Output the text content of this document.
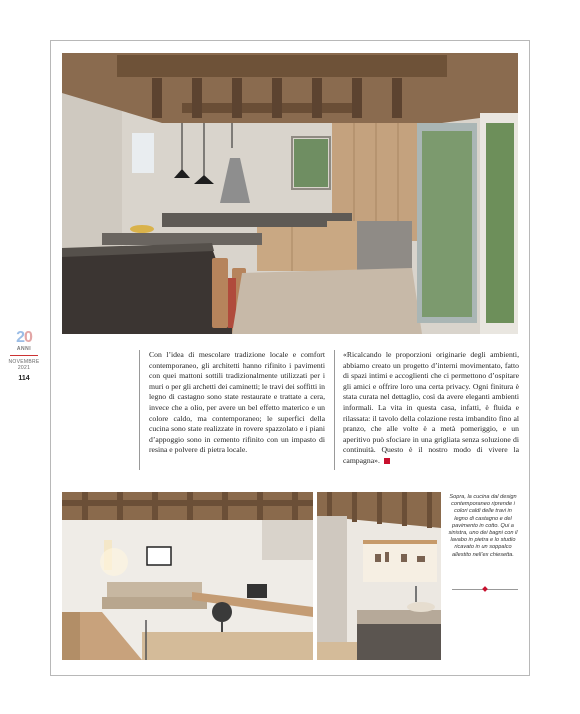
20
ANNI
NOVEMBRE
2021
114
Con l’idea di mescolare tradizione locale e comfort contemporaneo, gli architetti hanno rifinito i pavimenti con quei mattoni sottili tradizionalmente utilizzati per i muri o per gli archetti dei caminetti; le travi dei soffitti in legno di castagno sono state restaurate e trattate a cera, invece che a olio, per avere un bel effetto materico e un colore caldo, ma contemporaneo; le superfici della cucina sono state realizzate in rovere spazzolato e i piani d’appoggio sono in cemento rifinito con un impasto di resina e polvere di pietra locale.
«Ricalcando le proporzioni originarie degli ambienti, abbiamo creato un progetto d’interni movimentato, fatto di spazi intimi e accoglienti che ci permettono d’ospitare gli amici e offrire loro una certa privacy. Ogni finitura è stata curata nel dettaglio, così da avere eleganti ambienti informali. La vita in questa casa, infatti, è fluida e rilassata: il tavolo della colazione resta imbandito fino al pranzo, che alle volte è a metà pomeriggio, e un aperitivo può sfociare in una grigliata senza soluzione di continuità. Questo è il nostro modo di vivere la campagna».
Sopra, la cucina dal design contemporaneo riprende i colori caldi delle travi in legno di castagno e del pavimento in cotto. Qui a sinistra, uno dei bagni con il lavabo in pietra e lo studio ricavato in un soppalco allestito nell’ex chiesetta.
